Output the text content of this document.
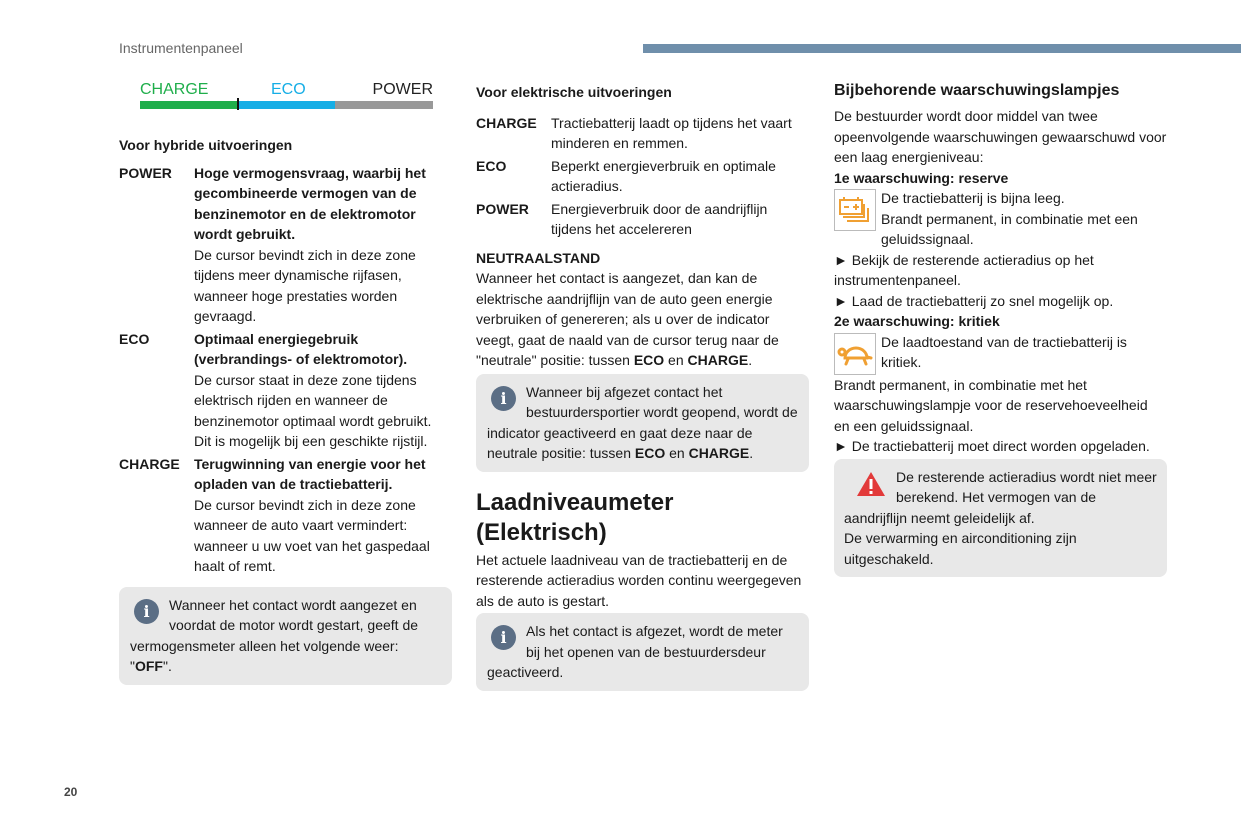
Instrumentenpaneel
20
CHARGE	ECO	POWER
Voor hybride uitvoeringen
POWER	Hoge vermogensvraag, waarbij het gecombineerde vermogen van de benzinemotor en de elektromotor wordt gebruikt.
De cursor bevindt zich in deze zone tijdens meer dynamische rijfasen, wanneer hoge prestaties worden gevraagd.
ECO	Optimaal energiegebruik (verbrandings- of elektromotor).
De cursor staat in deze zone tijdens elektrisch rijden en wanneer de benzinemotor optimaal wordt gebruikt. Dit is mogelijk bij een geschikte rijstijl.
CHARGE	Terugwinning van energie voor het opladen van de tractiebatterij.
De cursor bevindt zich in deze zone wanneer de auto vaart vermindert: wanneer u uw voet van het gaspedaal haalt of remt.
i	Wanneer het contact wordt aangezet en voordat de motor wordt gestart, geeft de vermogensmeter alleen het volgende weer: "OFF".
Voor elektrische uitvoeringen
CHARGE	Tractiebatterij laadt op tijdens het vaart minderen en remmen.
ECO	Beperkt energieverbruik en optimale actieradius.
POWER	Energieverbruik door de aandrijflijn tijdens het accelereren
NEUTRAALSTAND

Wanneer het contact is aangezet, dan kan de elektrische aandrijflijn van de auto geen energie verbruiken of genereren; als u over de indicator veegt, gaat de naald van de cursor terug naar de "neutrale" positie: tussen ECO en CHARGE.

i	Wanneer bij afgezet contact het bestuurdersportier wordt geopend, wordt de indicator geactiveerd en gaat deze naar de neutrale positie: tussen ECO en CHARGE.
Laadniveaumeter (Elektrisch)

Het actuele laadniveau van de tractiebatterij en de resterende actieradius worden continu weergegeven als de auto is gestart.

i	Als het contact is afgezet, wordt de meter bij het openen van de bestuurdersdeur geactiveerd.
Bijbehorende waarschuwingslampjes

De bestuurder wordt door middel van twee opeenvolgende waarschuwingen gewaarschuwd voor een laag energieniveau:

1e waarschuwing: reserve
De tractiebatterij is bijna leeg.
Brandt permanent, in combinatie met een geluidssignaal.

► Bekijk de resterende actieradius op het instrumentenpaneel.

► Laad de tractiebatterij zo snel mogelijk op.

2e waarschuwing: kritiek
De laadtoestand van de tractiebatterij is kritiek.

Brandt permanent, in combinatie met het waarschuwingslampje voor de reservehoeveelheid en een geluidssignaal.

► De tractiebatterij moet direct worden opgeladen.

De resterende actieradius wordt niet meer berekend. Het vermogen van de aandrijflijn neemt geleidelijk af.
De verwarming en airconditioning zijn uitgeschakeld.
